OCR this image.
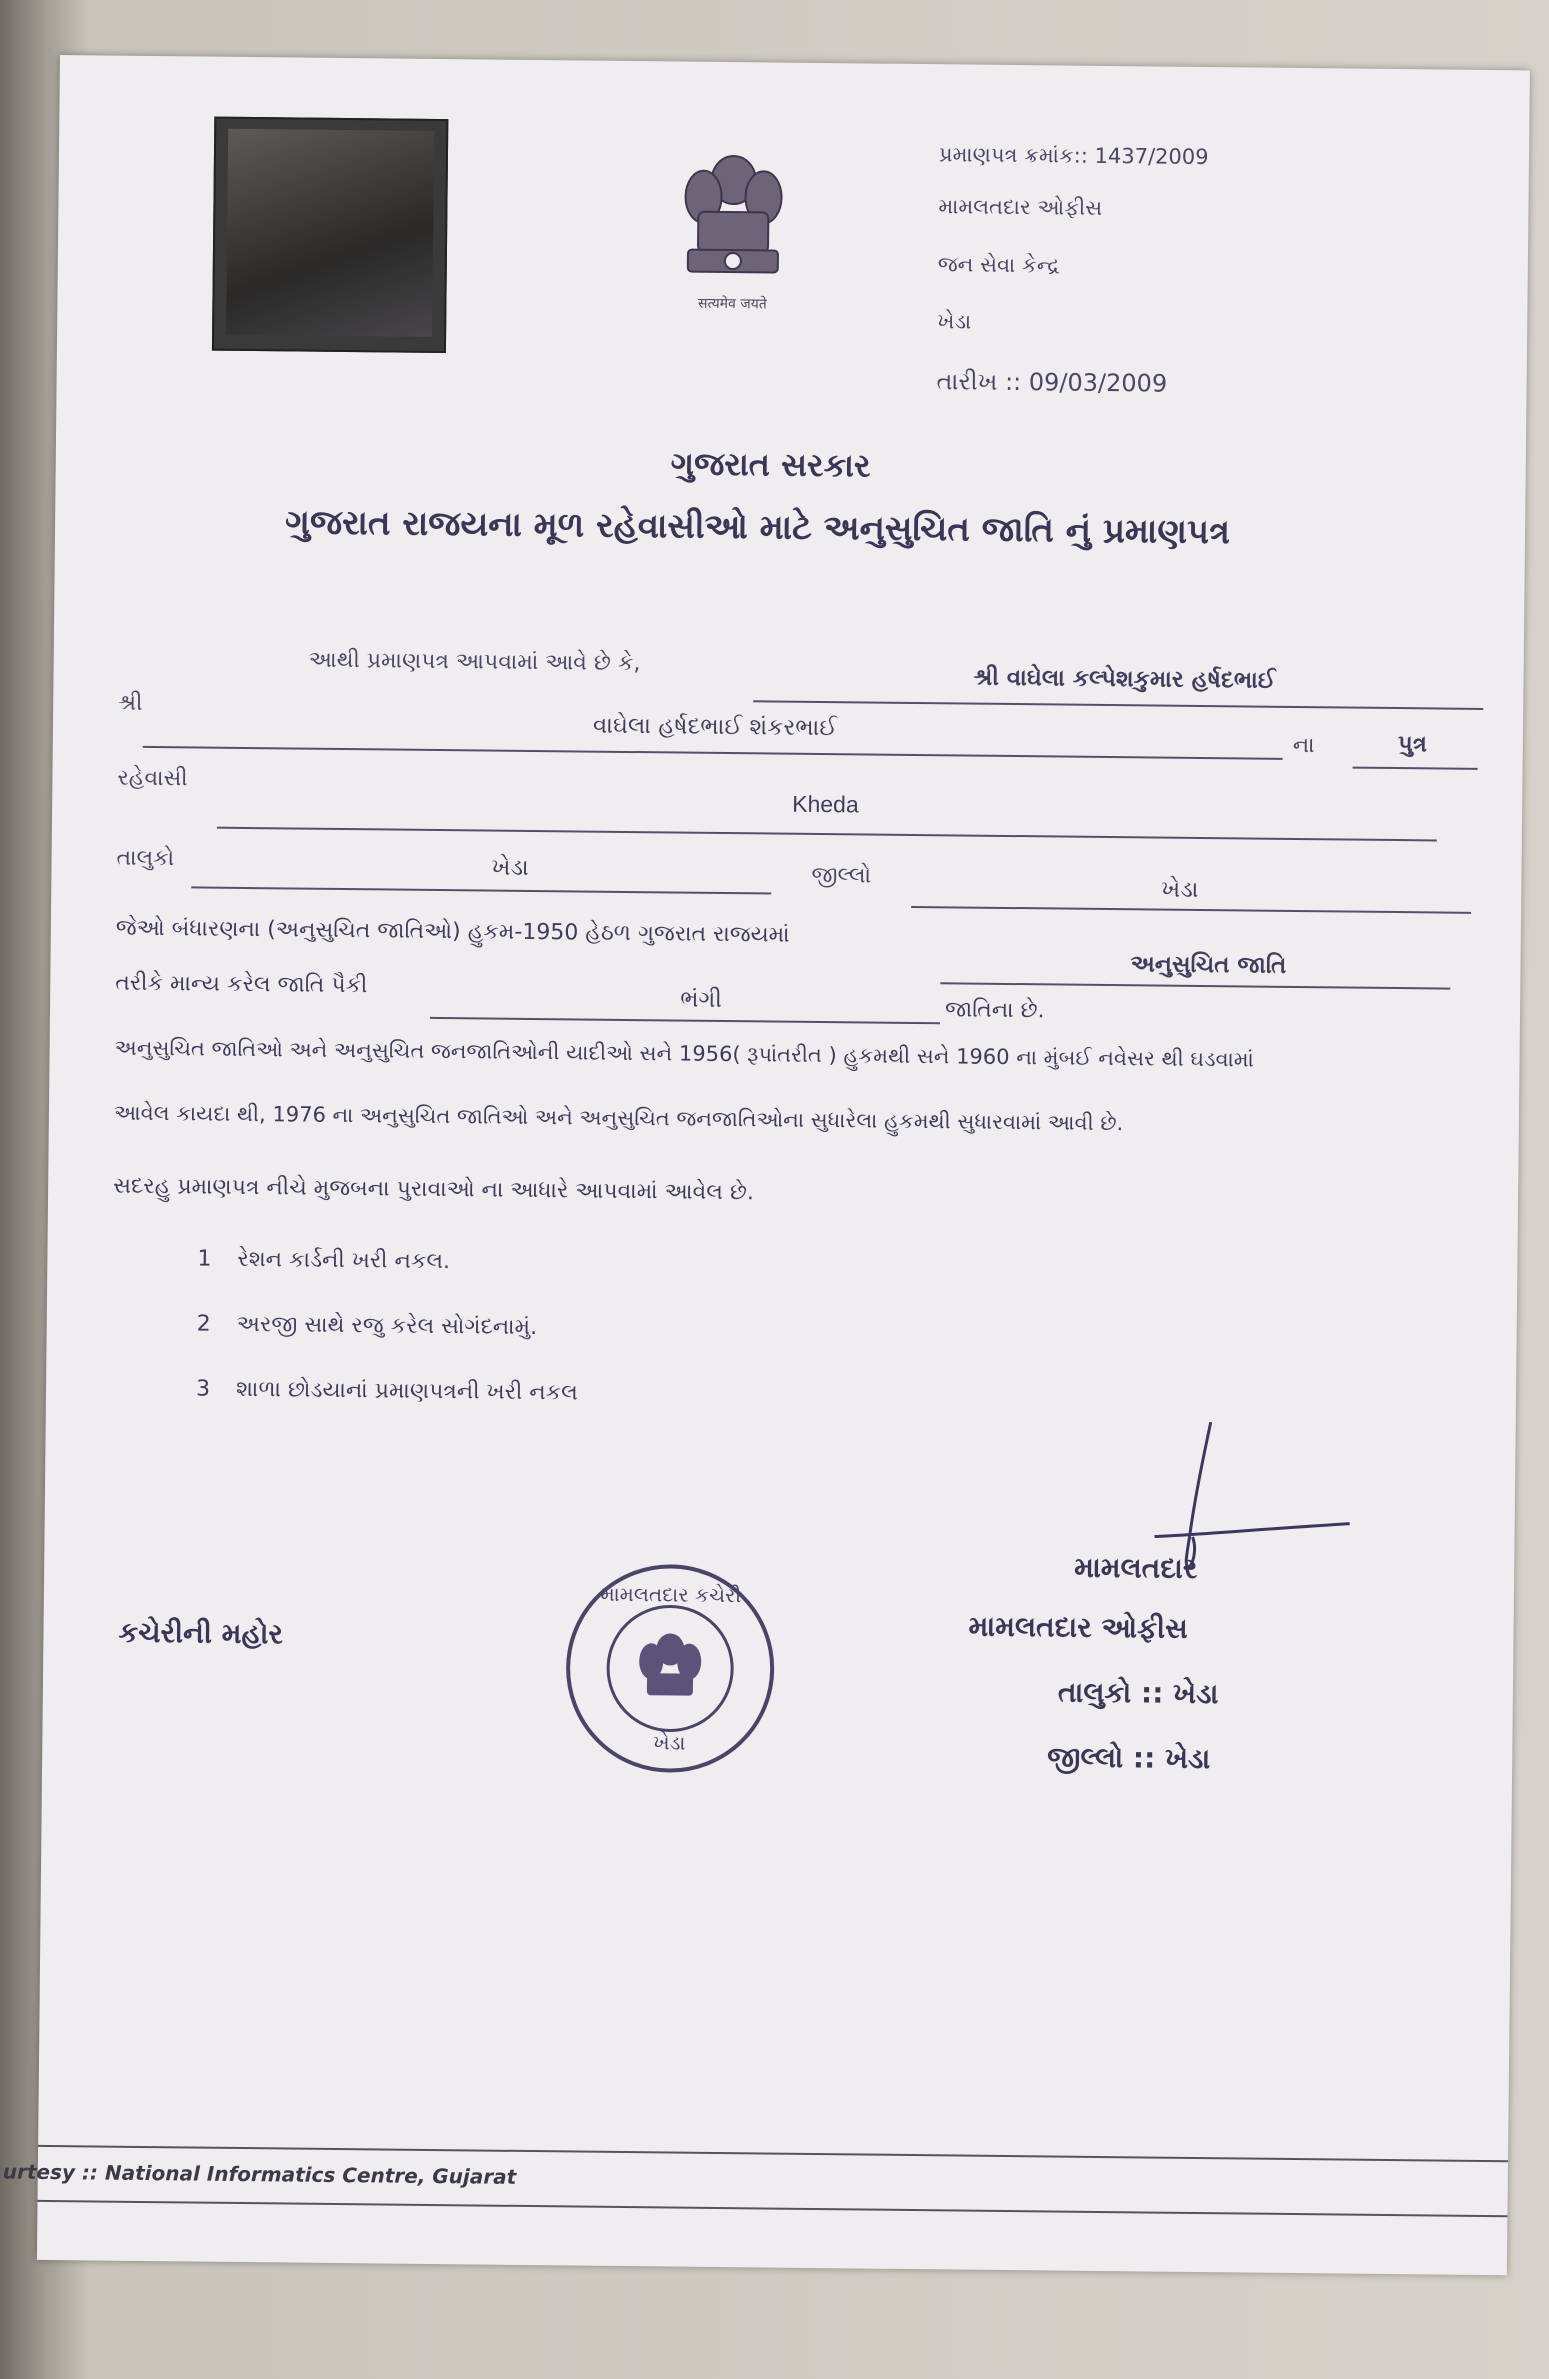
सत्यमेव जयते
પ્રમાણપત્ર ક્રમાંક:: 1437/2009
મામલતદાર ઓફીસ
જન સેવા કેન્દ્ર
ખેડા
તારીખ :: 09/03/2009
ગુજરાત સરકાર
ગુજરાત રાજયના મૂળ રહેવાસીઓ માટે અનુસુચિત જાતિ નું પ્રમાણપત્ર
આથી પ્રમાણપત્ર આપવામાં આવે છે કે,
શ્રી વાઘેલા કલ્પેશકુમાર હર્ષદભાઈ
શ્રી
વાઘેલા હર્ષદભાઈ શંકરભાઈ
ના	પુત્ર
રહેવાસી
Kheda
તાલુકો	ખેડા	જીલ્લો
ખેડા
જેઓ બંધારણના (અનુસુચિત જાતિઓ) હુકમ-1950 હેઠળ ગુજરાત રાજયમાં
અનુસુચિત જાતિ
તરીકે માન્ય કરેલ જાતિ પૈકી
ભંગી	જાતિના છે.
અનુસુચિત જાતિઓ અને અનુસુચિત જનજાતિઓની યાદીઓ સને 1956( રૂપાંતરીત ) હુકમથી સને 1960 ના મુંબઈ નવેસર થી ઘડવામાં
આવેલ કાયદા થી, 1976 ના અનુસુચિત જાતિઓ અને અનુસુચિત જનજાતિઓના સુધારેલા હુકમથી સુધારવામાં આવી છે.
સદરહુ પ્રમાણપત્ર નીચે મુજબના પુરાવાઓ ના આધારે આપવામાં આવેલ છે.
1 રેશન કાર્ડની ખરી નકલ.
2 અરજી સાથે રજુ કરેલ સોગંદનામું.
3 શાળા છોડયાનાં પ્રમાણપત્રની ખરી નકલ
મામલતદાર
મામલતદાર ઓફીસ
તાલુકો :: ખેડા
જીલ્લો :: ખેડા
કચેરીની મહોર
મામલતદાર કચેરી
ખેડા
urtesy :: National Informatics Centre, Gujarat
